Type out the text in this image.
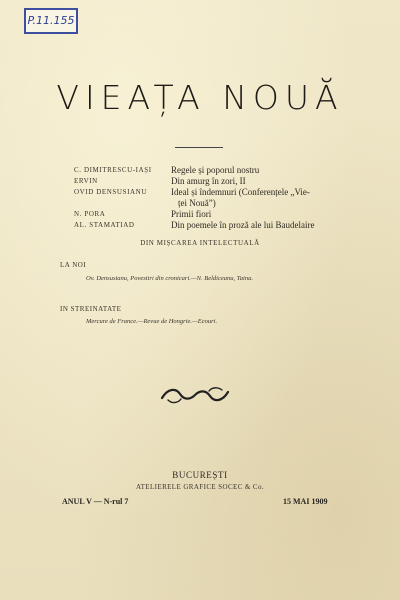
P.11.155
VIEAȚA NOUĂ
C. DIMITRESCU-IAȘI Regele și poporul nostru
ERVIN	Din amurg în zori, II
OVID DENSUSIANU	Ideal și îndemnuri (Conferențele „Vie-
ței Nouă”)
N. PORA	Primii fiori
AL. STAMATIAD	Din poemele în proză ale lui Baudelaire
DIN MIȘCAREA INTELECTUALĂ
LA NOI
Ov. Densusianu, Povestiri din cronicari.—N. Beldiceanu, Taina.
IN STREINATATE
Mercure de France.—Revue de Hongrie.—Ecouri.
BUCUREȘTI
ATELIERELE GRAFICE SOCEC & Co.
ANUL V — N-rul 7	15 MAI 1909
